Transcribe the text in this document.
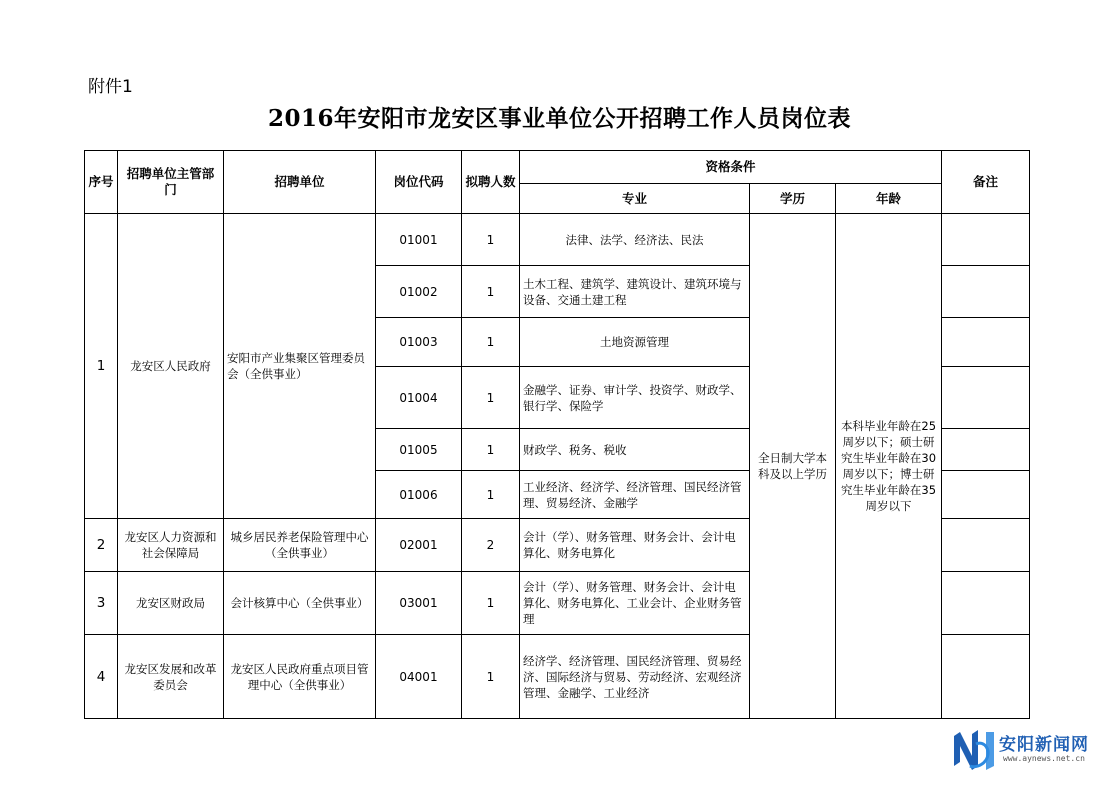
附件1
2016年安阳市龙安区事业单位公开招聘工作人员岗位表
序号	招聘单位主管部门	招聘单位	岗位代码	拟聘人数	资格条件			备注
					专业	学历	年龄	
1	龙安区人民政府	安阳市产业集聚区管理委员会（全供事业）	01001	1	法律、法学、经济法、民法	全日制大学本科及以上学历	本科毕业年龄在25周岁以下；硕士研究生毕业年龄在30周岁以下；博士研究生毕业年龄在35周岁以下	
			01002	1	土木工程、建筑学、建筑设计、建筑环境与设备、交通土建工程			
			01003	1	土地资源管理			
			01004	1	金融学、证券、审计学、投资学、财政学、银行学、保险学			
			01005	1	财政学、税务、税收			
			01006	1	工业经济、经济学、经济管理、国民经济管理、贸易经济、金融学			
2	龙安区人力资源和社会保障局	城乡居民养老保险管理中心（全供事业）	02001	2	会计（学）、财务管理、财务会计、会计电算化、财务电算化			
3	龙安区财政局	会计核算中心（全供事业）	03001	1	会计（学）、财务管理、财务会计、会计电算化、财务电算化、工业会计、企业财务管理			
4	龙安区发展和改革委员会	龙安区人民政府重点项目管理中心（全供事业）	04001	1	经济学、经济管理、国民经济管理、贸易经济、国际经济与贸易、劳动经济、宏观经济管理、金融学、工业经济			
安阳新闻网
www.aynews.net.cn
